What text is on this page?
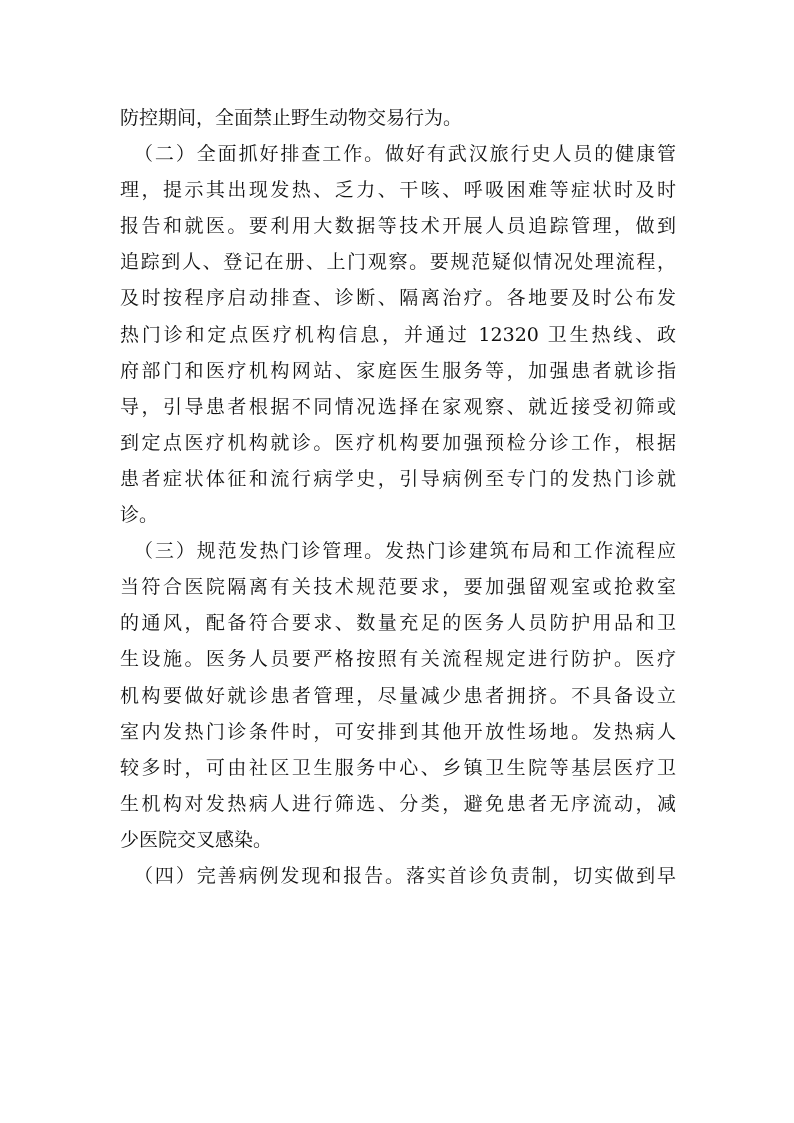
防控期间，全面禁止野生动物交易行为。
（二）全面抓好排查工作。做好有武汉旅行史人员的健康管
理，提示其出现发热、乏力、干咳、呼吸困难等症状时及时
报告和就医。要利用大数据等技术开展人员追踪管理，做到
追踪到人、登记在册、上门观察。要规范疑似情况处理流程，
及时按程序启动排查、诊断、隔离治疗。各地要及时公布发
热门诊和定点医疗机构信息，并通过 12320 卫生热线、政
府部门和医疗机构网站、家庭医生服务等，加强患者就诊指
导，引导患者根据不同情况选择在家观察、就近接受初筛或
到定点医疗机构就诊。医疗机构要加强预检分诊工作，根据
患者症状体征和流行病学史，引导病例至专门的发热门诊就
诊。
（三）规范发热门诊管理。发热门诊建筑布局和工作流程应
当符合医院隔离有关技术规范要求，要加强留观室或抢救室
的通风，配备符合要求、数量充足的医务人员防护用品和卫
生设施。医务人员要严格按照有关流程规定进行防护。医疗
机构要做好就诊患者管理，尽量减少患者拥挤。不具备设立
室内发热门诊条件时，可安排到其他开放性场地。发热病人
较多时，可由社区卫生服务中心、乡镇卫生院等基层医疗卫
生机构对发热病人进行筛选、分类，避免患者无序流动，减
少医院交叉感染。
（四）完善病例发现和报告。落实首诊负责制，切实做到早
